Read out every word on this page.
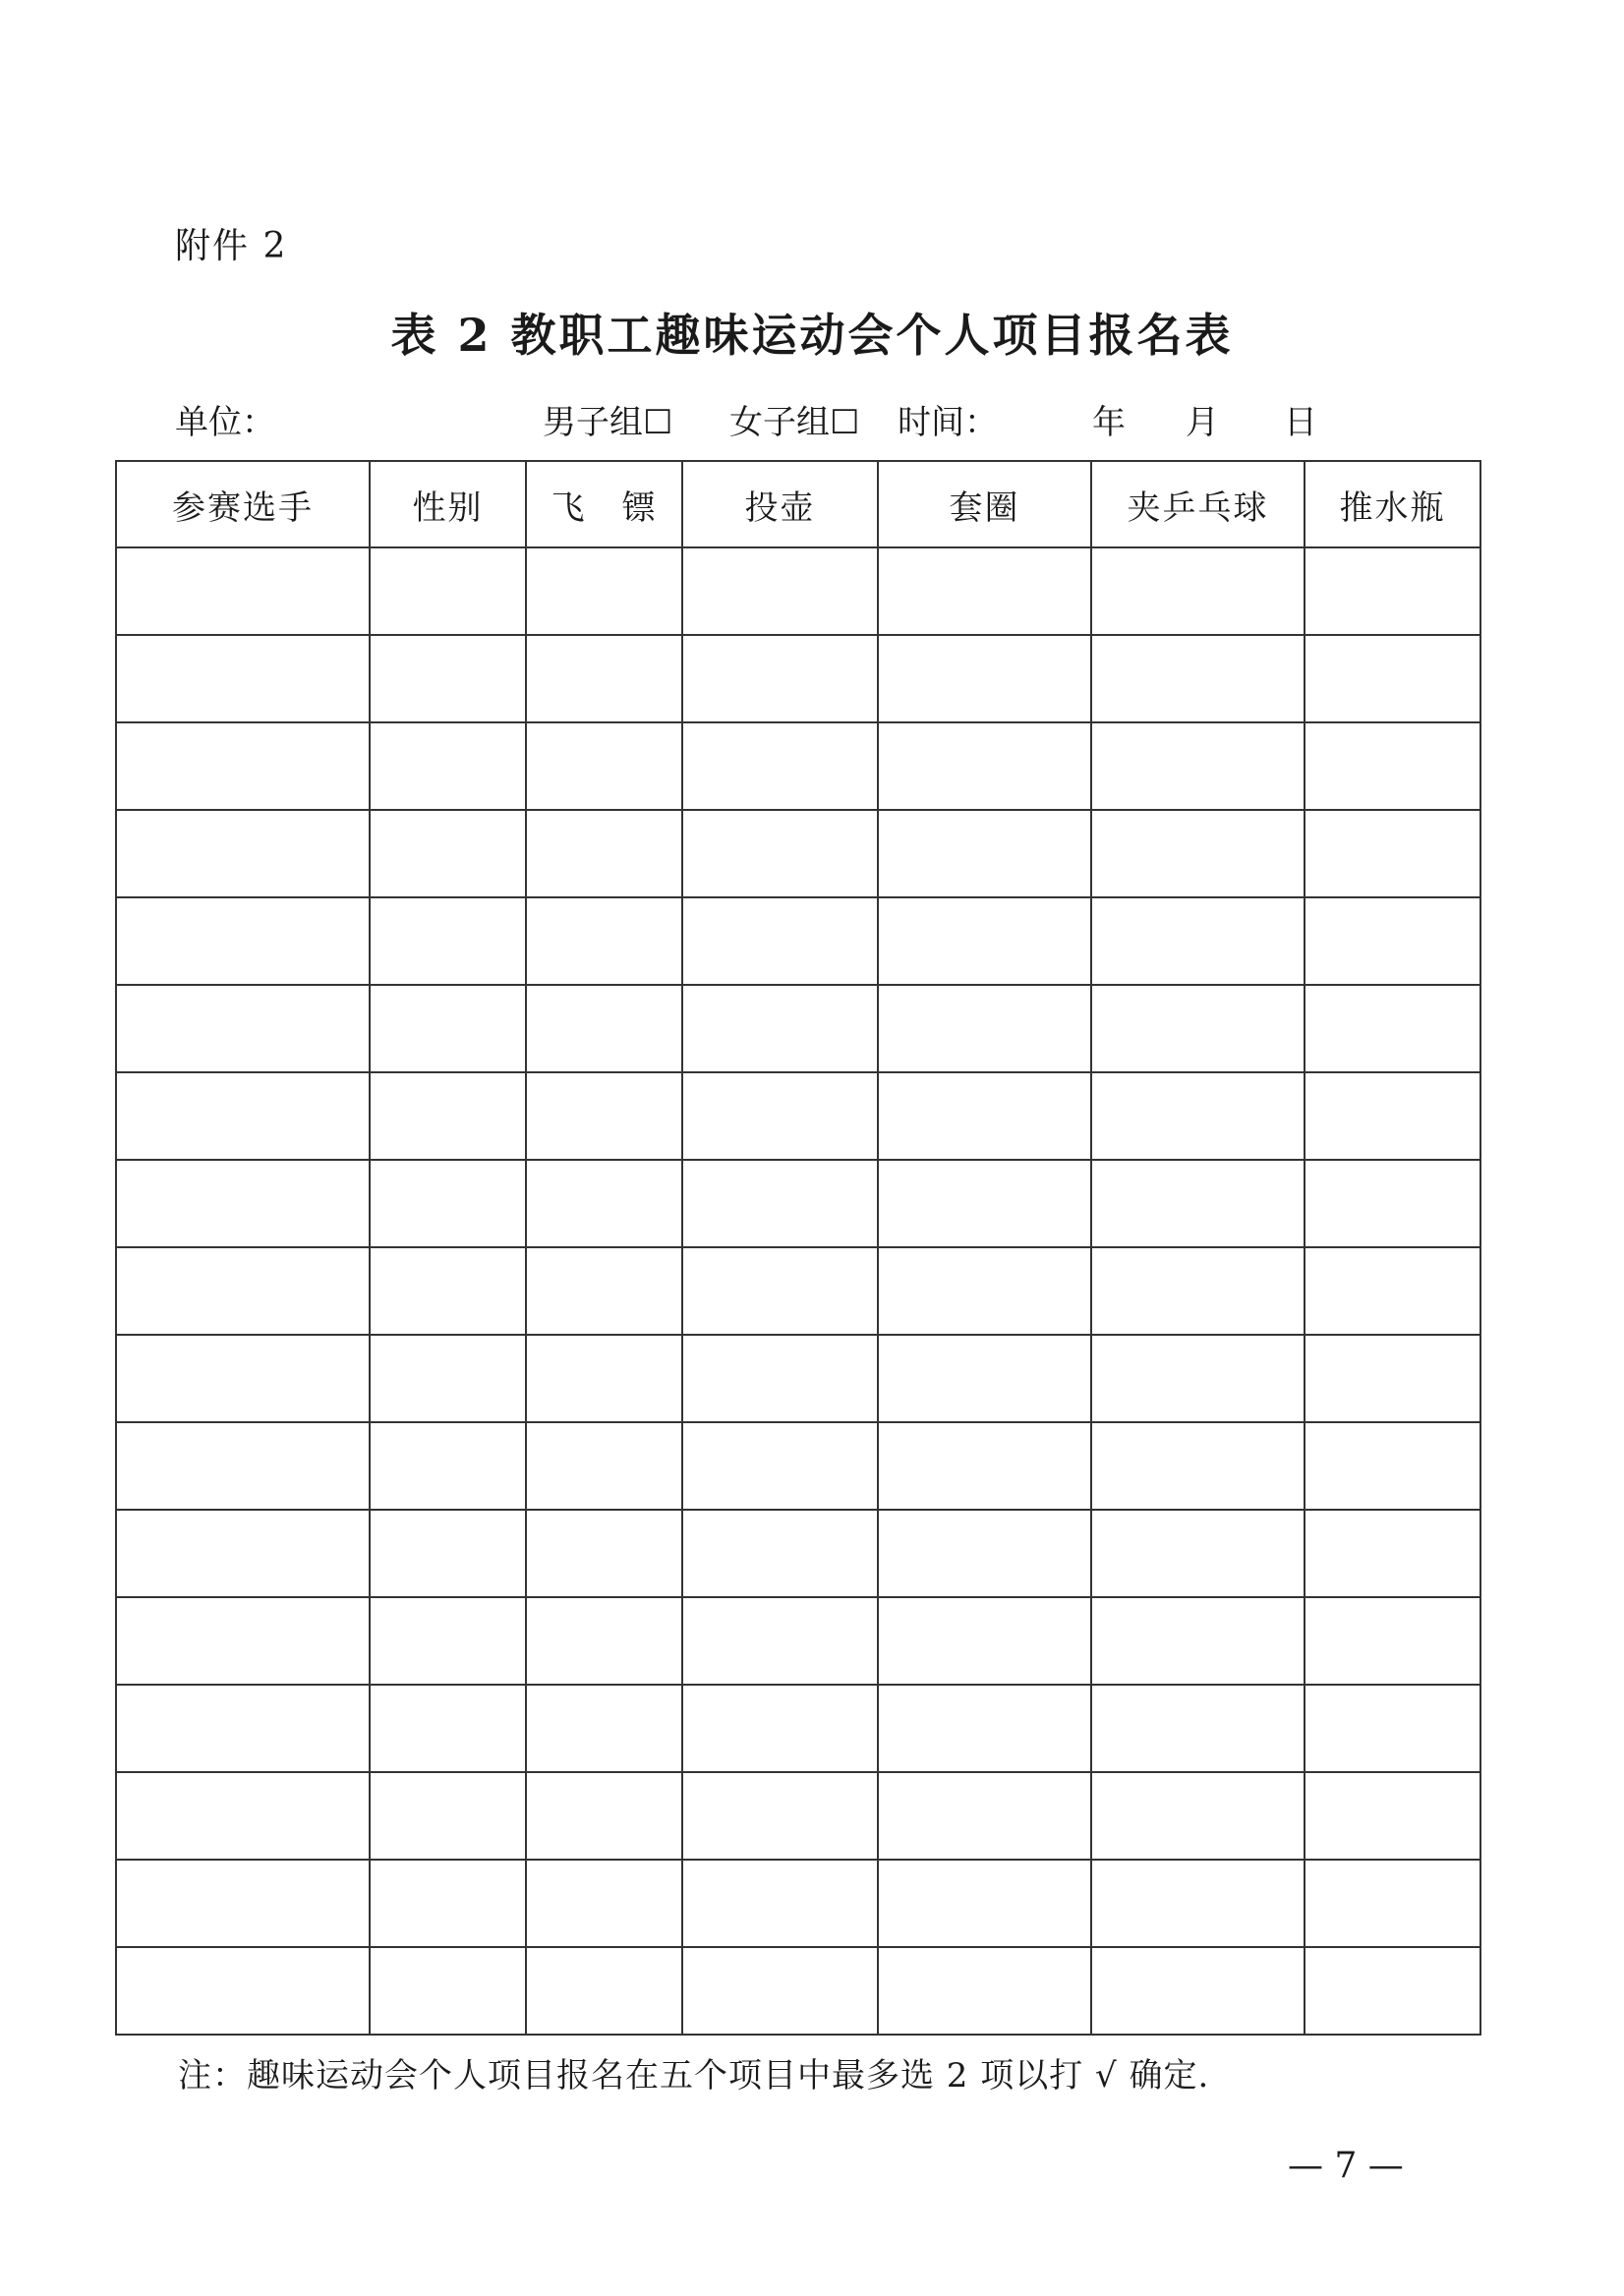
附件 2
表 2 教职工趣味运动会个人项目报名表
单位：	男子组☐ 女子组☐ 时间：	年 月 日
参赛选手	性别	飞　镖	投壶	套圈	夹乒乓球	推水瓶

注：趣味运动会个人项目报名在五个项目中最多选 2 项以打 √ 确定.
— 7 —
